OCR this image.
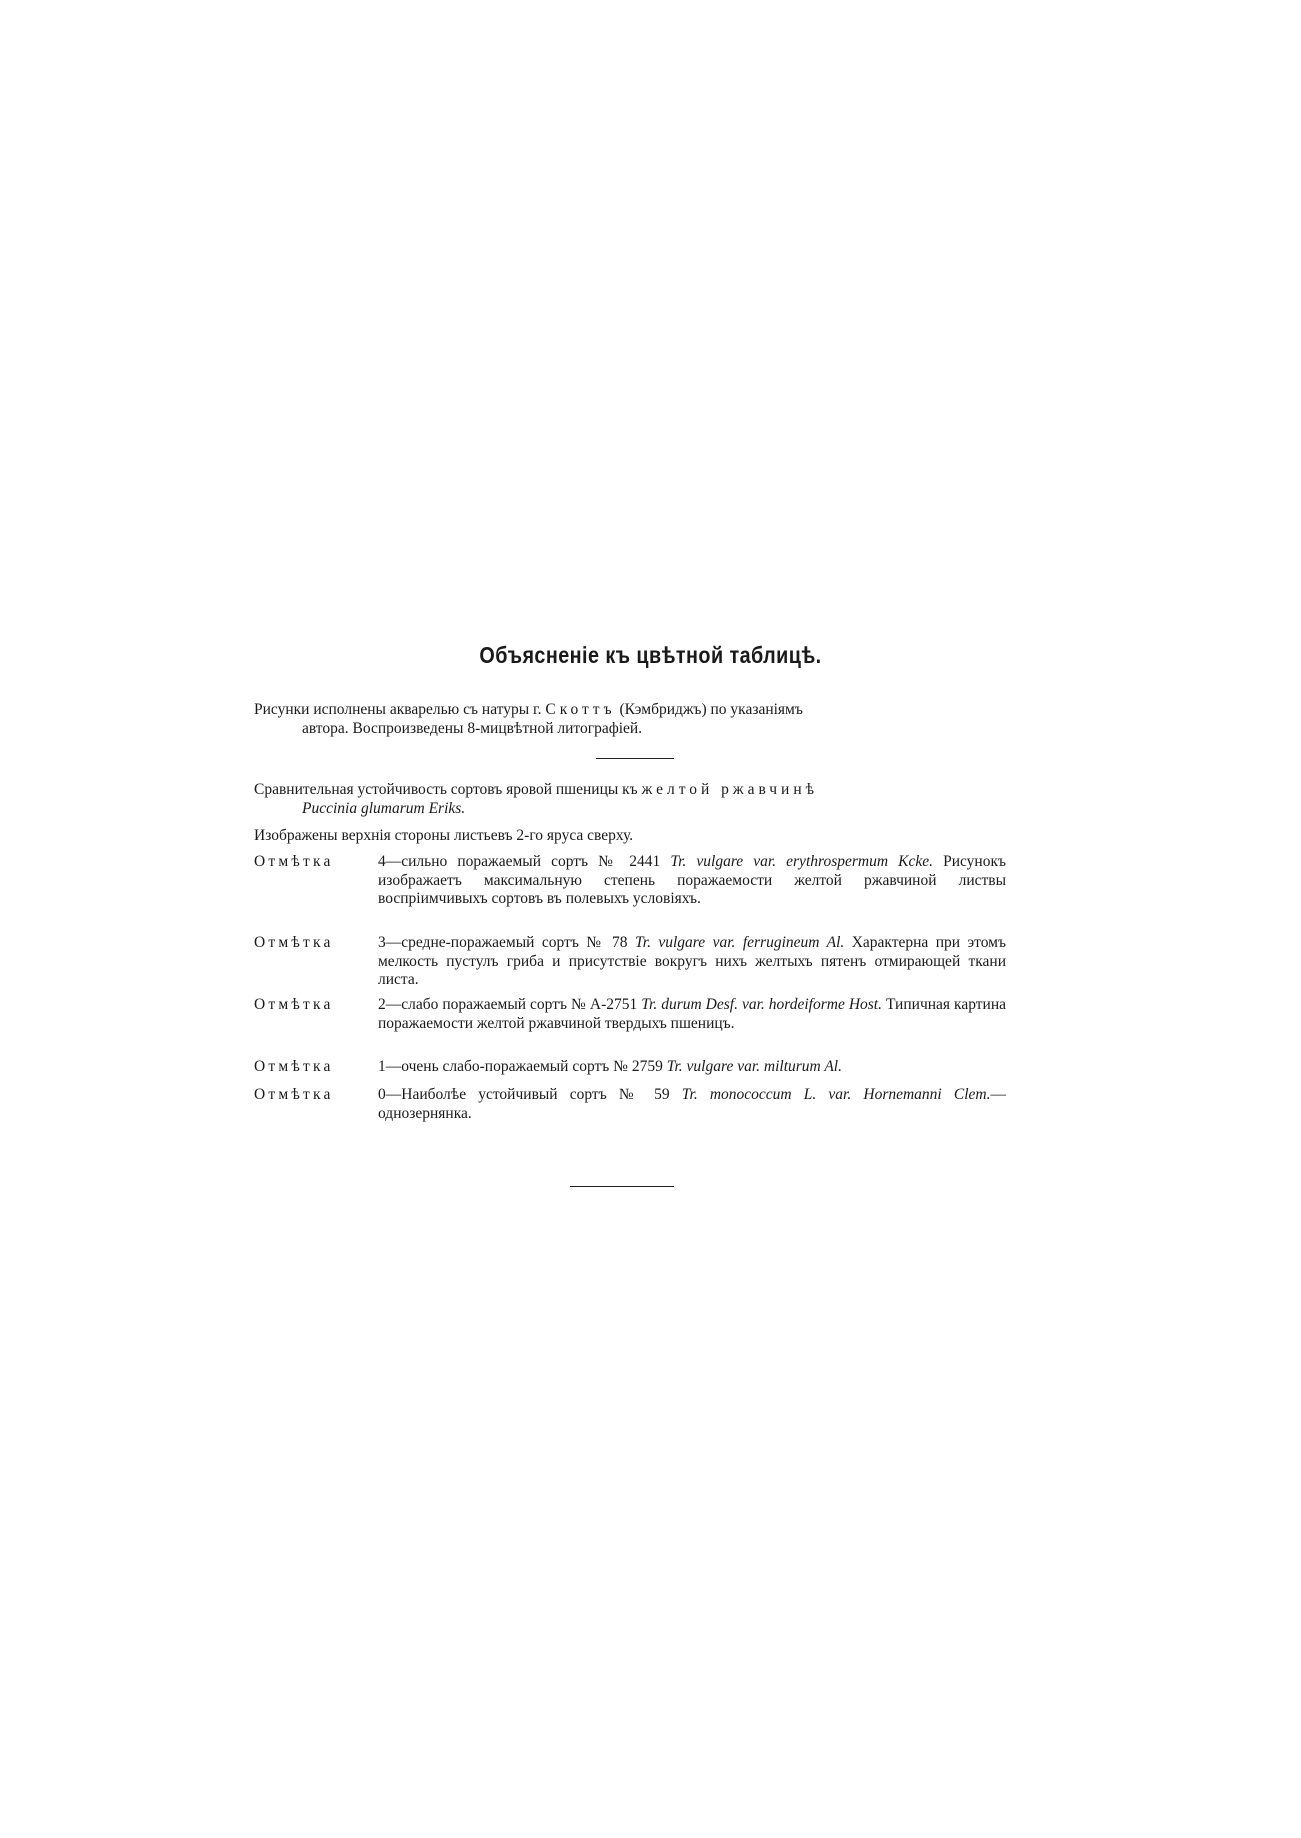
Объясненіе къ цвѣтной таблицѣ.
Рисунки исполнены акварелью съ натуры г. Скоттъ (Кэмбриджъ) по указаніямъ
автора. Воспроизведены 8-мицвѣтной литографіей.
Сравнительная устойчивость сортовъ яровой пшеницы къ желтой ржавчинѣ
Puccinia glumarum Eriks.
Изображены верхнія стороны листьевъ 2-го яруса сверху.
Отмѣтка	4—сильно поражаемый сортъ № 2441 Tr. vulgare var. erythrospermum Kcke. Рисунокъ изображаетъ максимальную степень поражаемости желтой ржавчиной листвы воспріимчивыхъ сортовъ въ полевыхъ условіяхъ.
Отмѣтка	3—средне-поражаемый сортъ № 78 Tr. vulgare var. ferrugineum Al. Характерна при этомъ мелкость пустулъ гриба и присутствіе вокругъ нихъ желтыхъ пятенъ отмирающей ткани листа.
Отмѣтка	2—слабо поражаемый сортъ № А-2751 Tr. durum Desf. var. hordeiforme Host. Типичная картина поражаемости желтой ржавчиной твердыхъ пшеницъ.
Отмѣтка	1—очень слабо-поражаемый сортъ № 2759 Tr. vulgare var. milturum Al.
Отмѣтка	0—Наиболѣе устойчивый сортъ № 59 Tr. monococcum L. var. Hornemanni Clem.—однозернянка.
